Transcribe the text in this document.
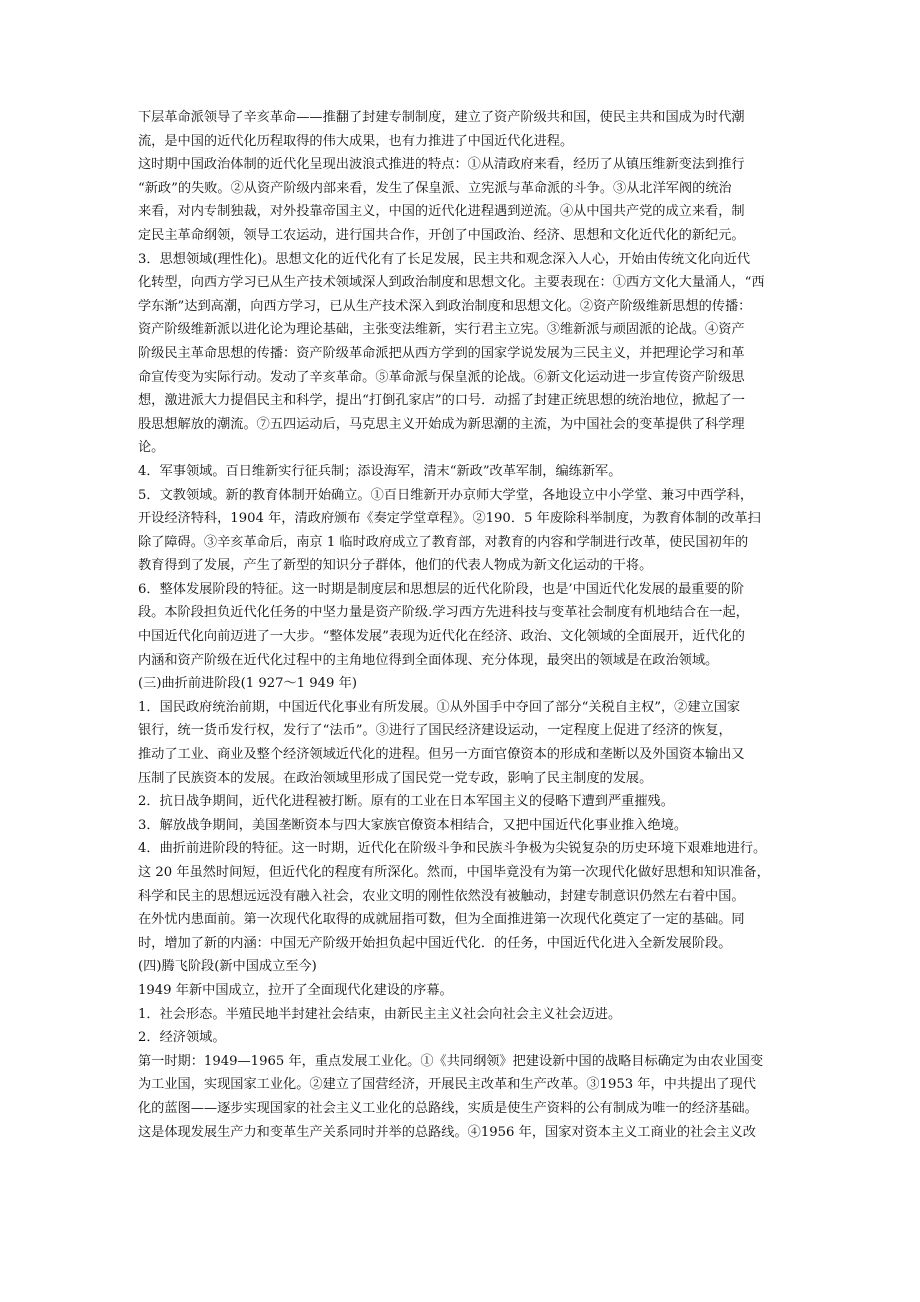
下层革命派领导了辛亥革命——推翻了封建专制制度，建立了资产阶级共和国，使民主共和国成为时代潮
流，是中国的近代化历程取得的伟大成果，也有力推进了中国近代化进程。
这时期中国政治体制的近代化呈现出波浪式推进的特点：①从清政府来看，经历了从镇压维新变法到推行
“新政”的失败。②从资产阶级内部来看，发生了保皇派、立宪派与革命派的斗争。③从北洋军阀的统治
来看，对内专制独裁，对外投靠帝国主义，中国的近代化进程遇到逆流。④从中国共产党的成立来看，制
定民主革命纲领，领导工农运动，进行国共合作，开创了中国政治、经济、思想和文化近代化的新纪元。
3．思想领域(理性化)。思想文化的近代化有了长足发展，民主共和观念深入人心，开始由传统文化向近代
化转型，向西方学习已从生产技术领域深人到政治制度和思想文化。主要表现在：①西方文化大量涌人，“西
学东渐”达到高潮，向西方学习，已从生产技术深入到政治制度和思想文化。②资产阶级维新思想的传播：
资产阶级维新派以进化论为理论基础，主张变法维新，实行君主立宪。③维新派与顽固派的论战。④资产
阶级民主革命思想的传播：资产阶级革命派把从西方学到的国家学说发展为三民主义，并把理论学习和革
命宣传变为实际行动。发动了辛亥革命。⑤革命派与保皇派的论战。⑥新文化运动进一步宣传资产阶级思
想，激进派大力提倡民主和科学，提出“打倒孔家店”的口号．动摇了封建正统思想的统治地位，掀起了一
股思想解放的潮流。⑦五四运动后，马克思主义开始成为新思潮的主流，为中国社会的变革提供了科学理
论。
4．军事领域。百日维新实行征兵制；添设海军，清末“新政”改革军制，编练新军。
5．文教领域。新的教育体制开始确立。①百日维新开办京师大学堂，各地设立中小学堂、兼习中西学科，
开设经济特科，1904 年，清政府颁布《奏定学堂章程》。②190．5 年废除科举制度，为教育体制的改革扫
除了障碍。③辛亥革命后，南京 1 临时政府成立了教育部，对教育的内容和学制进行改革，使民国初年的
教育得到了发展，产生了新型的知识分子群体，他们的代表人物成为新文化运动的干将。
6．整体发展阶段的特征。这一时期是制度层和思想层的近代化阶段，也是’中国近代化发展的最重要的阶
段。本阶段担负近代化任务的中坚力量是资产阶级.学习西方先进科技与变革社会制度有机地结合在一起，
中国近代化向前迈进了一大步。“整体发展”表现为近代化在经济、政治、文化领域的全面展开，近代化的
内涵和资产阶级在近代化过程中的主角地位得到全面体现、充分体现，最突出的领域是在政治领域。
(三)曲折前进阶段(1 927～1 949 年)
1．国民政府统治前期，中国近代化事业有所发展。①从外国手中夺回了部分“关税自主权”，②建立国家
银行，统一货币发行权，发行了“法币”。③进行了国民经济建设运动，一定程度上促进了经济的恢复，
推动了工业、商业及整个经济领域近代化的进程。但另一方面官僚资本的形成和垄断以及外国资本输出又
压制了民族资本的发展。在政治领域里形成了国民党一党专政，影响了民主制度的发展。
2．抗日战争期间，近代化进程被打断。原有的工业在日本军国主义的侵略下遭到严重摧残。
3．解放战争期间，美国垄断资本与四大家族官僚资本相结合，又把中国近代化事业推入绝境。
4．曲折前进阶段的特征。这一时期，近代化在阶级斗争和民族斗争极为尖锐复杂的历史环境下艰难地进行。
这 20 年虽然时间短，但近代化的程度有所深化。然而，中国毕竟没有为第一次现代化做好思想和知识准备，
科学和民主的思想远远没有融入社会，农业文明的刚性依然没有被触动，封建专制意识仍然左右着中国。
在外忧内患面前。第一次现代化取得的成就屈指可数，但为全面推进第一次现代化奠定了一定的基础。同
时，增加了新的内涵：中国无产阶级开始担负起中国近代化．的任务，中国近代化进入全新发展阶段。
(四)腾飞阶段(新中国成立至今)
1949 年新中国成立，拉开了全面现代化建设的序幕。
1．社会形态。半殖民地半封建社会结束，由新民主主义社会向社会主义社会迈进。
2．经济领域。
第一时期：1949—1965 年，重点发展工业化。①《共同纲领》把建设新中国的战略目标确定为由农业国变
为工业国，实现国家工业化。②建立了国营经济，开展民主改革和生产改革。③1953 年，中共提出了现代
化的蓝图——逐步实现国家的社会主义工业化的总路线，实质是使生产资料的公有制成为唯一的经济基础。
这是体现发展生产力和变革生产关系同时并举的总路线。④1956 年，国家对资本主义工商业的社会主义改
